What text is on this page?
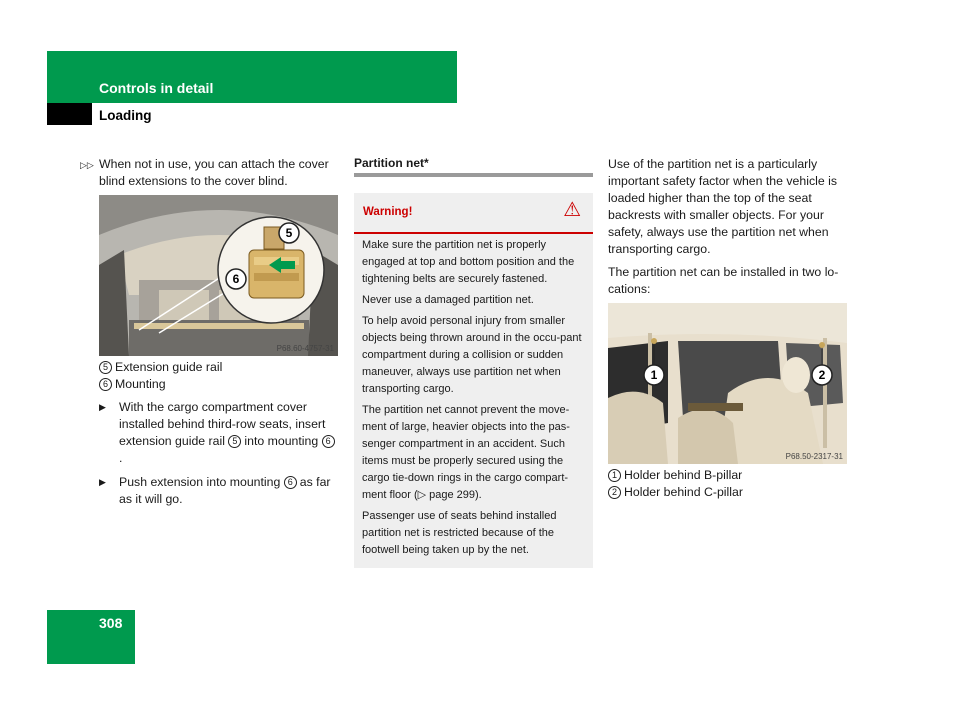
Controls in detail
Loading
▷▷ When not in use, you can attach the cover blind extensions to the cover blind.
5
6
P68.60-4757-31
5 Extension guide rail
6 Mounting
▶	With the cargo compartment cover installed behind third-row seats, insert extension guide rail 5 into mounting 6.
▶	Push extension into mounting 6 as far as it will go.
Partition net*
Warning!	⚠
Make sure the partition net is properly engaged at top and bottom position and the tightening belts are securely fastened.
Never use a damaged partition net.
To help avoid personal injury from smaller objects being thrown around in the occu-pant compartment during a collision or sudden maneuver, always use partition net when transporting cargo.
The partition net cannot prevent the move-ment of large, heavier objects into the pas-senger compartment in an accident. Such items must be properly secured using the cargo tie-down rings in the cargo compart-ment floor (▷ page 299).
Passenger use of seats behind installed partition net is restricted because of the footwell being taken up by the net.
Use of the partition net is a particularly important safety factor when the vehicle is loaded higher than the top of the seat backrests with smaller objects. For your safety, always use the partition net when transporting cargo.
The partition net can be installed in two lo-cations:
1	2
P68.50-2317-31
1 Holder behind B-pillar
2 Holder behind C-pillar
308
